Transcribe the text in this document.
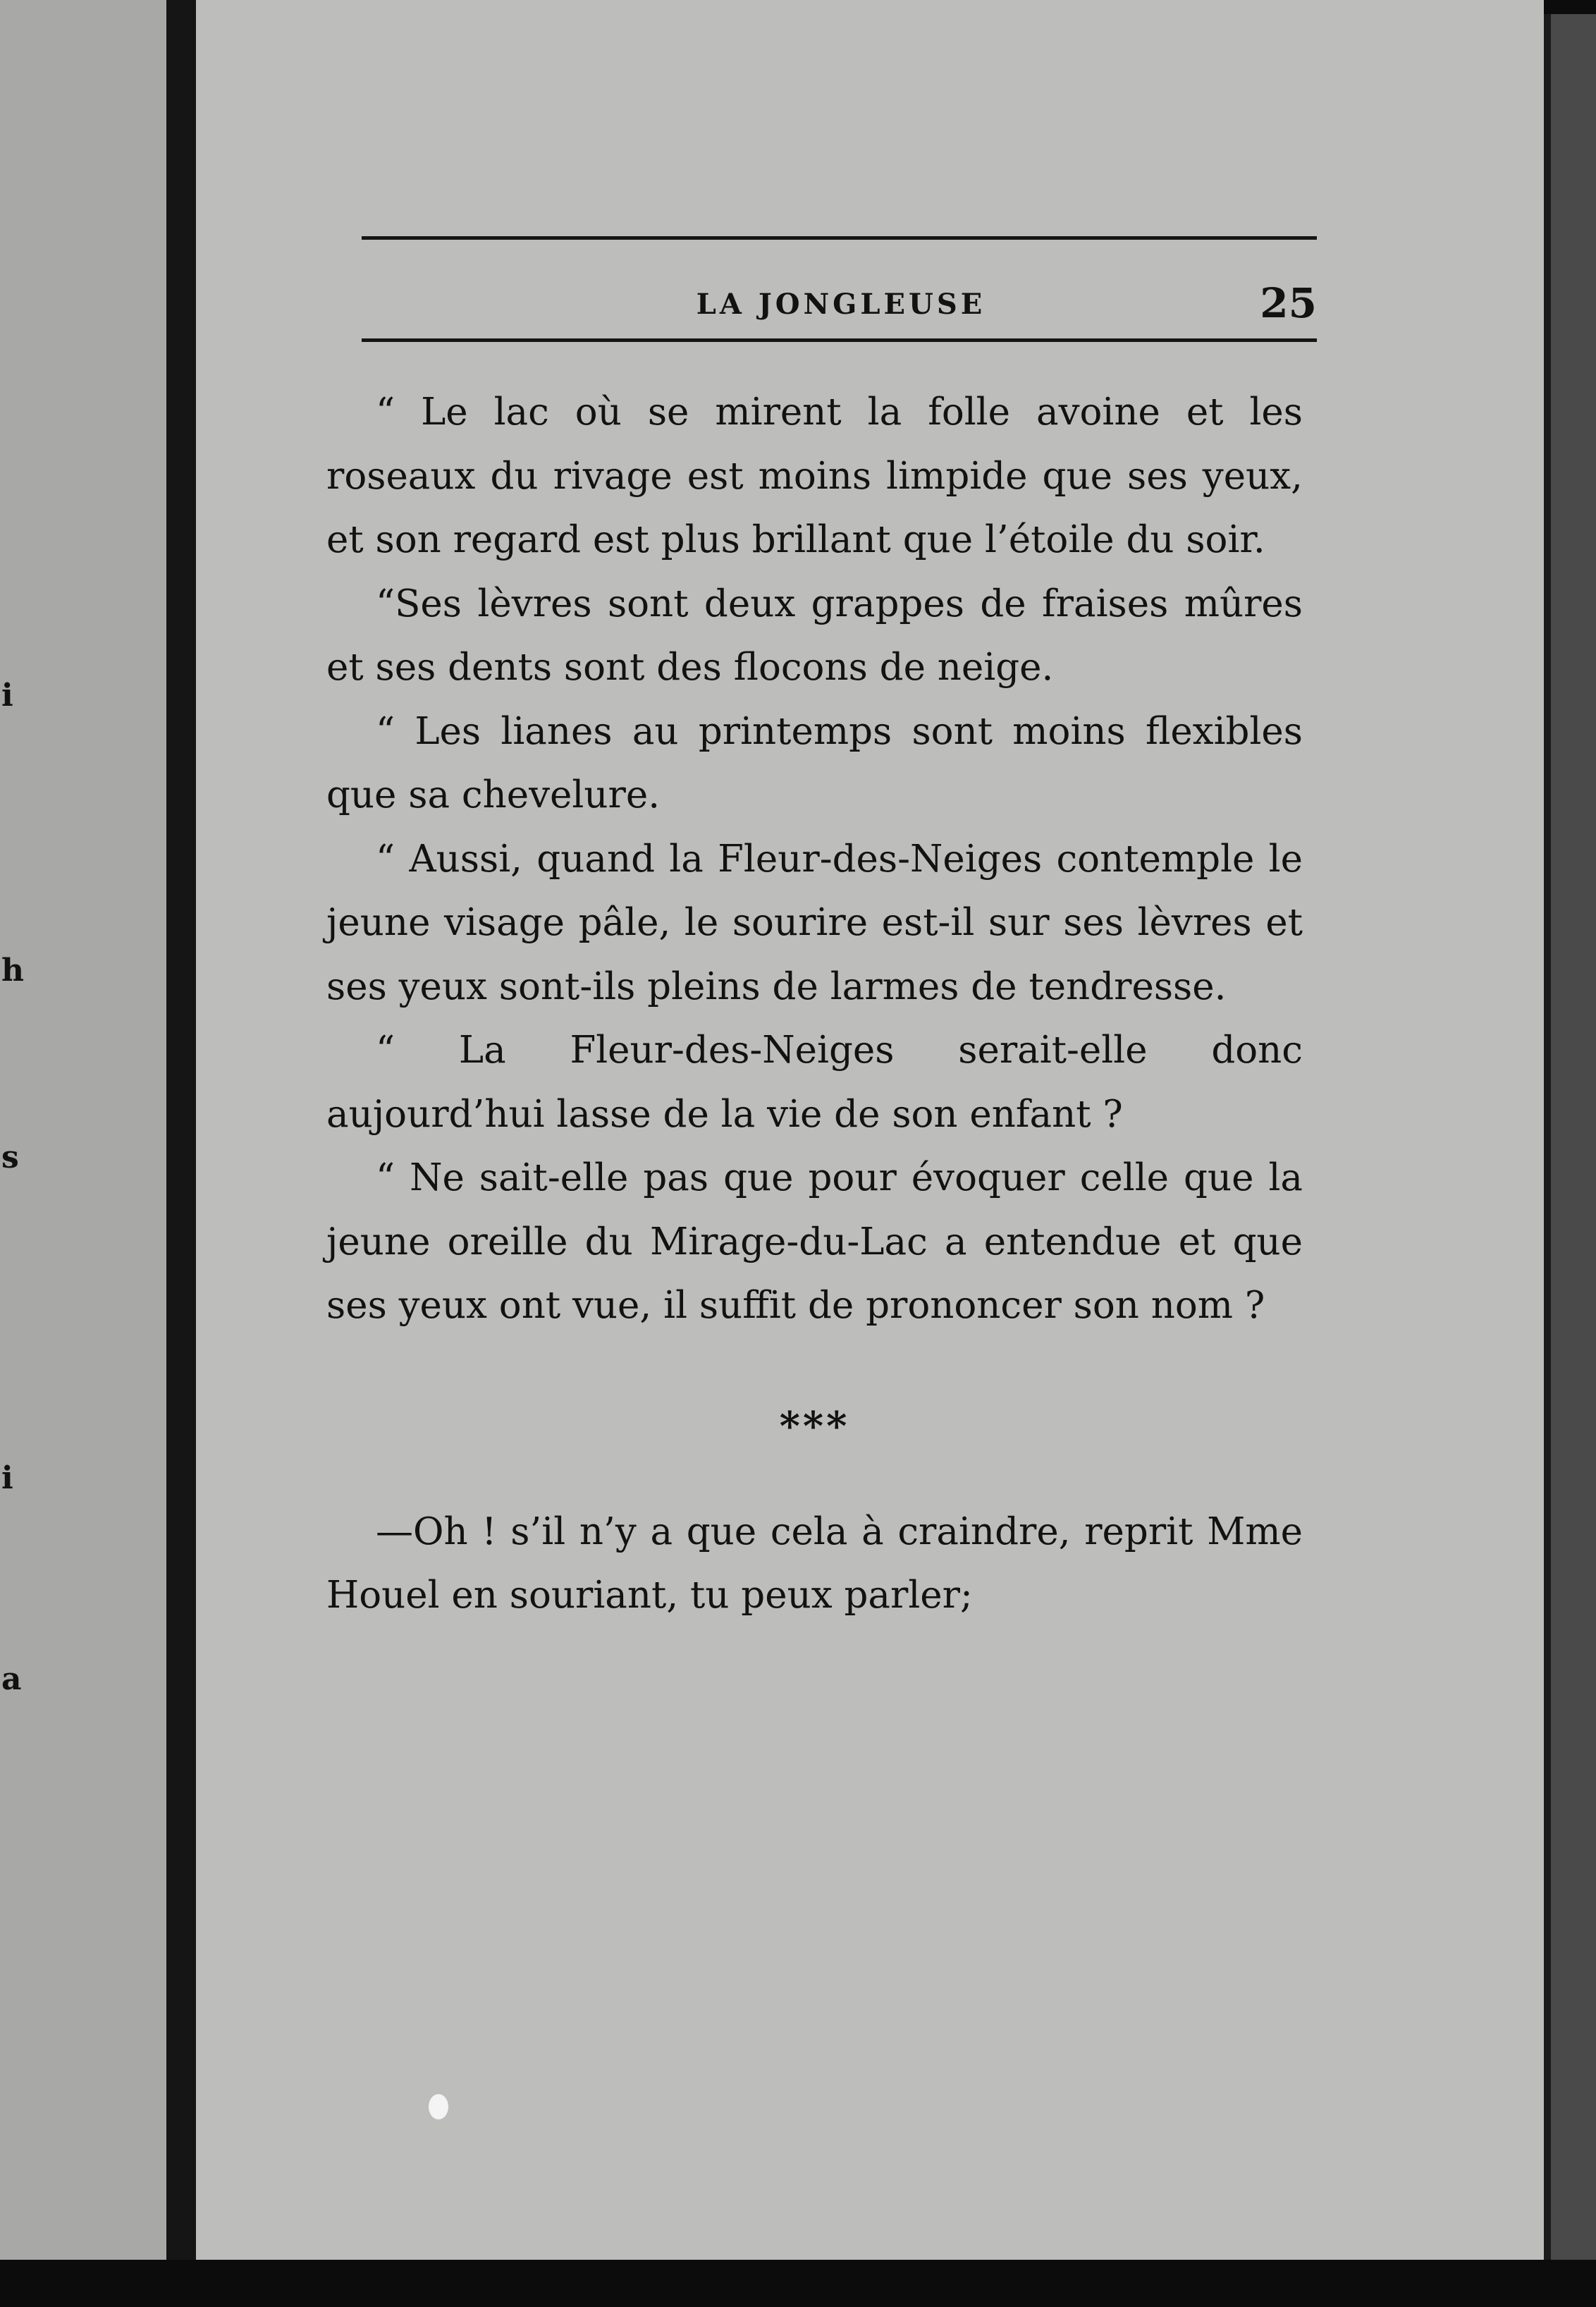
i
h
s
i
a
LA JONGLEUSE	25

“ Le lac où se mirent la folle avoine et les roseaux du rivage est moins limpide que ses yeux, et son regard est plus brillant que l’étoile du soir.

“Ses lèvres sont deux grappes de fraises mûres et ses dents sont des flocons de neige.

“ Les lianes au printemps sont moins flexibles que sa chevelure.

“ Aussi, quand la Fleur-des-Neiges contemple le jeune visage pâle, le sourire est-il sur ses lèvres et ses yeux sont-ils pleins de larmes de tendresse.

“ La Fleur-des-Neiges serait-elle donc aujourd’hui lasse de la vie de son enfant ?

“ Ne sait-elle pas que pour évoquer celle que la jeune oreille du Mirage-du-Lac a entendue et que ses yeux ont vue, il suffit de prononcer son nom ?

***

—Oh ! s’il n’y a que cela à craindre, reprit Mme Houel en souriant, tu peux parler;
